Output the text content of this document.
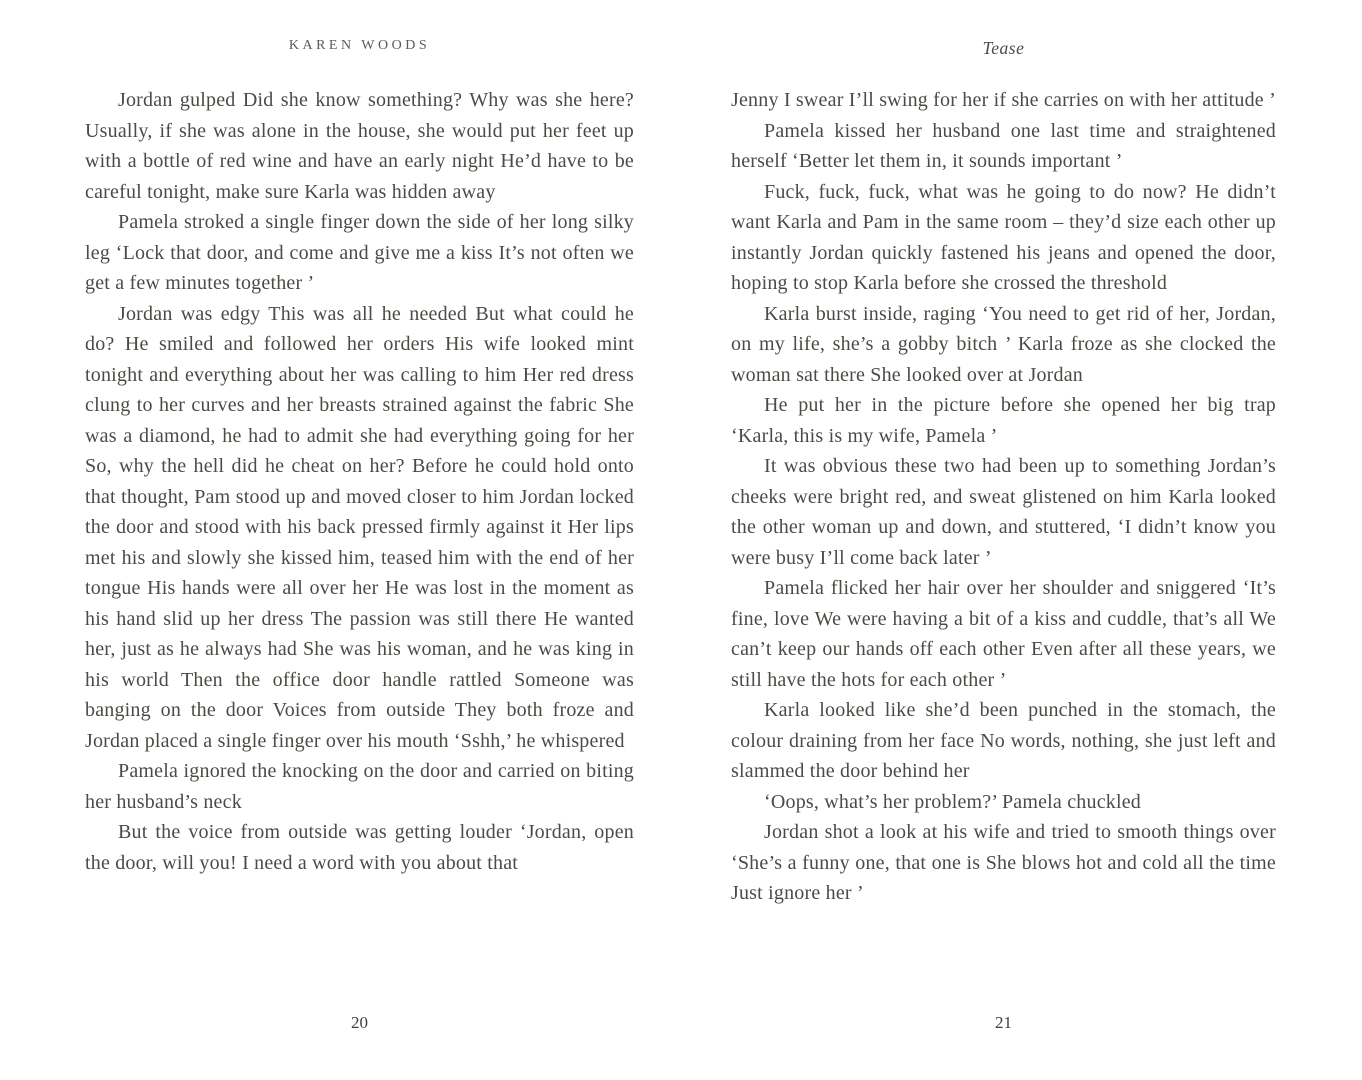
KAREN WOODS

Jordan gulped Did she know something? Why was she here? Usually, if she was alone in the house, she would put her feet up with a bottle of red wine and have an early night He’d have to be careful tonight, make sure Karla was hidden away

Pamela stroked a single finger down the side of her long silky leg ‘Lock that door, and come and give me a kiss It’s not often we get a few minutes together ’

Jordan was edgy This was all he needed But what could he do? He smiled and followed her orders His wife looked mint tonight and everything about her was calling to him Her red dress clung to her curves and her breasts strained against the fabric She was a diamond, he had to admit she had everything going for her So, why the hell did he cheat on her? Before he could hold onto that thought, Pam stood up and moved closer to him Jordan locked the door and stood with his back pressed firmly against it Her lips met his and slowly she kissed him, teased him with the end of her tongue His hands were all over her He was lost in the moment as his hand slid up her dress The passion was still there He wanted her, just as he always had She was his woman, and he was king in his world Then the office door handle rattled Someone was banging on the door Voices from outside They both froze and Jordan placed a single finger over his mouth ‘Sshh,’ he whispered

Pamela ignored the knocking on the door and carried on biting her husband’s neck

But the voice from outside was getting louder ‘Jordan, open the door, will you! I need a word with you about that

20
Tease

Jenny I swear I’ll swing for her if she carries on with her attitude ’

Pamela kissed her husband one last time and straightened herself ‘Better let them in, it sounds important ’

Fuck, fuck, fuck, what was he going to do now? He didn’t want Karla and Pam in the same room – they’d size each other up instantly Jordan quickly fastened his jeans and opened the door, hoping to stop Karla before she crossed the threshold

Karla burst inside, raging ‘You need to get rid of her, Jordan, on my life, she’s a gobby bitch ’ Karla froze as she clocked the woman sat there She looked over at Jordan

He put her in the picture before she opened her big trap ‘Karla, this is my wife, Pamela ’

It was obvious these two had been up to something Jordan’s cheeks were bright red, and sweat glistened on him Karla looked the other woman up and down, and stuttered, ‘I didn’t know you were busy I’ll come back later ’

Pamela flicked her hair over her shoulder and sniggered ‘It’s fine, love We were having a bit of a kiss and cuddle, that’s all We can’t keep our hands off each other Even after all these years, we still have the hots for each other ’

Karla looked like she’d been punched in the stomach, the colour draining from her face No words, nothing, she just left and slammed the door behind her

‘Oops, what’s her problem?’ Pamela chuckled

Jordan shot a look at his wife and tried to smooth things over ‘She’s a funny one, that one is She blows hot and cold all the time Just ignore her ’

21
